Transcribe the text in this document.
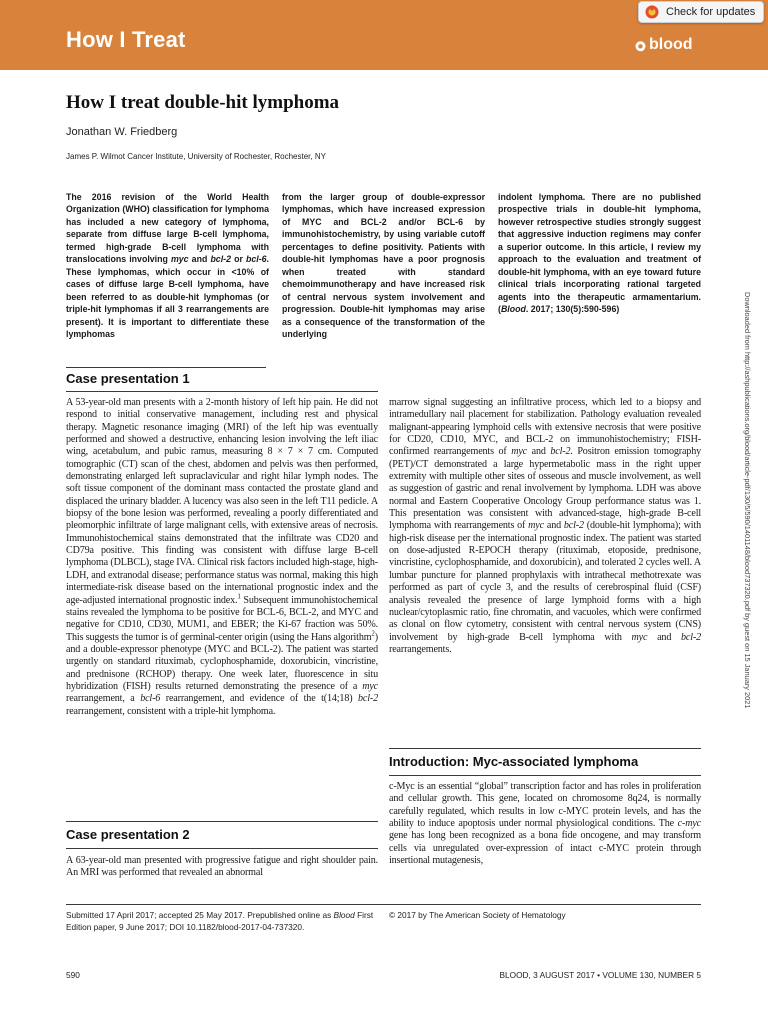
How I Treat	blood
Check for updates
How I treat double-hit lymphoma
Jonathan W. Friedberg
James P. Wilmot Cancer Institute, University of Rochester, Rochester, NY

The 2016 revision of the World Health Organization (WHO) classification for lymphoma has included a new category of lymphoma, separate from diffuse large B-cell lymphoma, termed high-grade B-cell lymphoma with translocations involving myc and bcl-2 or bcl-6. These lymphomas, which occur in <10% of cases of diffuse large B-cell lymphoma, have been referred to as double-hit lymphomas (or triple-hit lymphomas if all 3 rearrangements are present). It is important to differentiate these lymphomas

from the larger group of double-expressor lymphomas, which have increased expression of MYC and BCL-2 and/or BCL-6 by immunohistochemistry, by using variable cutoff percentages to define positivity. Patients with double-hit lymphomas have a poor prognosis when treated with standard chemoimmunotherapy and have increased risk of central nervous system involvement and progression. Double-hit lymphomas may arise as a consequence of the transformation of the underlying

indolent lymphoma. There are no published prospective trials in double-hit lymphoma, however retrospective studies strongly suggest that aggressive induction regimens may confer a superior outcome. In this article, I review my approach to the evaluation and treatment of double-hit lymphoma, with an eye toward future clinical trials incorporating rational targeted agents into the therapeutic armamentarium. (Blood. 2017; 130(5):590-596)

Case presentation 1

A 53-year-old man presents with a 2-month history of left hip pain. He did not respond to initial conservative management, including rest and physical therapy. Magnetic resonance imaging (MRI) of the left hip was eventually performed and showed a destructive, enhancing lesion involving the left iliac wing, acetabulum, and pubic ramus, measuring 8 × 7 × 7 cm. Computed tomographic (CT) scan of the chest, abdomen and pelvis was then performed, demonstrating enlarged left supraclavicular and right hilar lymph nodes. The soft tissue component of the dominant mass contacted the prostate gland and displaced the urinary bladder. A lucency was also seen in the left T11 pedicle. A biopsy of the bone lesion was performed, revealing a poorly differentiated and pleomorphic infiltrate of large malignant cells, with extensive areas of necrosis. Immunohistochemical stains demonstrated that the infiltrate was CD20 and CD79a positive. This finding was consistent with diffuse large B-cell lymphoma (DLBCL), stage IVA. Clinical risk factors included high-stage, high-LDH, and extranodal disease; performance status was normal, making this high intermediate-risk disease based on the international prognostic index and the age-adjusted international prognostic index.$^1$ Subsequent immunohistochemical stains revealed the lymphoma to be positive for BCL-6, BCL-2, and MYC and negative for CD10, CD30, MUM1, and EBER; the Ki-67 fraction was 50%. This suggests the tumor is of germinal-center origin (using the Hans algorithm$^2$) and a double-expressor phenotype (MYC and BCL-2). The patient was started urgently on standard rituximab, cyclophosphamide, doxorubicin, vincristine, and prednisone (RCHOP) therapy. One week later, fluorescence in situ hybridization (FISH) results returned demonstrating the presence of a myc rearrangement, a bcl-6 rearrangement, and evidence of the t(14;18) bcl-2 rearrangement, consistent with a triple-hit lymphoma.

Case presentation 2

A 63-year-old man presented with progressive fatigue and right shoulder pain. An MRI was performed that revealed an abnormal

marrow signal suggesting an infiltrative process, which led to a biopsy and intramedullary nail placement for stabilization. Pathology evaluation revealed malignant-appearing lymphoid cells with extensive necrosis that were positive for CD20, CD10, MYC, and BCL-2 on immunohistochemistry; FISH-confirmed rearrangements of myc and bcl-2. Positron emission tomography (PET)/CT demonstrated a large hypermetabolic mass in the right upper extremity with multiple other sites of osseous and muscle involvement, as well as suggestion of gastric and renal involvement by lymphoma. LDH was above normal and Eastern Cooperative Oncology Group performance status was 1. This presentation was consistent with advanced-stage, high-grade B-cell lymphoma with rearrangements of myc and bcl-2 (double-hit lymphoma); with high-risk disease per the international prognostic index. The patient was started on dose-adjusted R-EPOCH therapy (rituximab, etoposide, prednisone, vincristine, cyclophosphamide, and doxorubicin), and tolerated 2 cycles well. A lumbar puncture for planned prophylaxis with intrathecal methotrexate was performed as part of cycle 3, and the results of cerebrospinal fluid (CSF) analysis revealed the presence of large lymphoid forms with a high nuclear/cytoplasmic ratio, fine chromatin, and vacuoles, which were confirmed as clonal on flow cytometry, consistent with central nervous system (CNS) involvement by high-grade B-cell lymphoma with myc and bcl-2 rearrangements.

Introduction: Myc-associated lymphoma

c-Myc is an essential “global” transcription factor and has roles in proliferation and cellular growth. This gene, located on chromosome 8q24, is normally carefully regulated, which results in low c-MYC protein levels, and has the ability to induce apoptosis under normal physiological conditions. The c-myc gene has long been recognized as a bona fide oncogene, and may transform cells via unregulated over-expression of intact c-MYC protein through insertional mutagenesis,

Submitted 17 April 2017; accepted 25 May 2017. Prepublished online as Blood First Edition paper, 9 June 2017; DOI 10.1182/blood-2017-04-737320.

© 2017 by The American Society of Hematology

590	BLOOD, 3 AUGUST 2017 • VOLUME 130, NUMBER 5
Downloaded from http://ashpublications.org/blood/article-pdf/130/5/590/1401148/blood737320.pdf by guest on 15 January 2021
